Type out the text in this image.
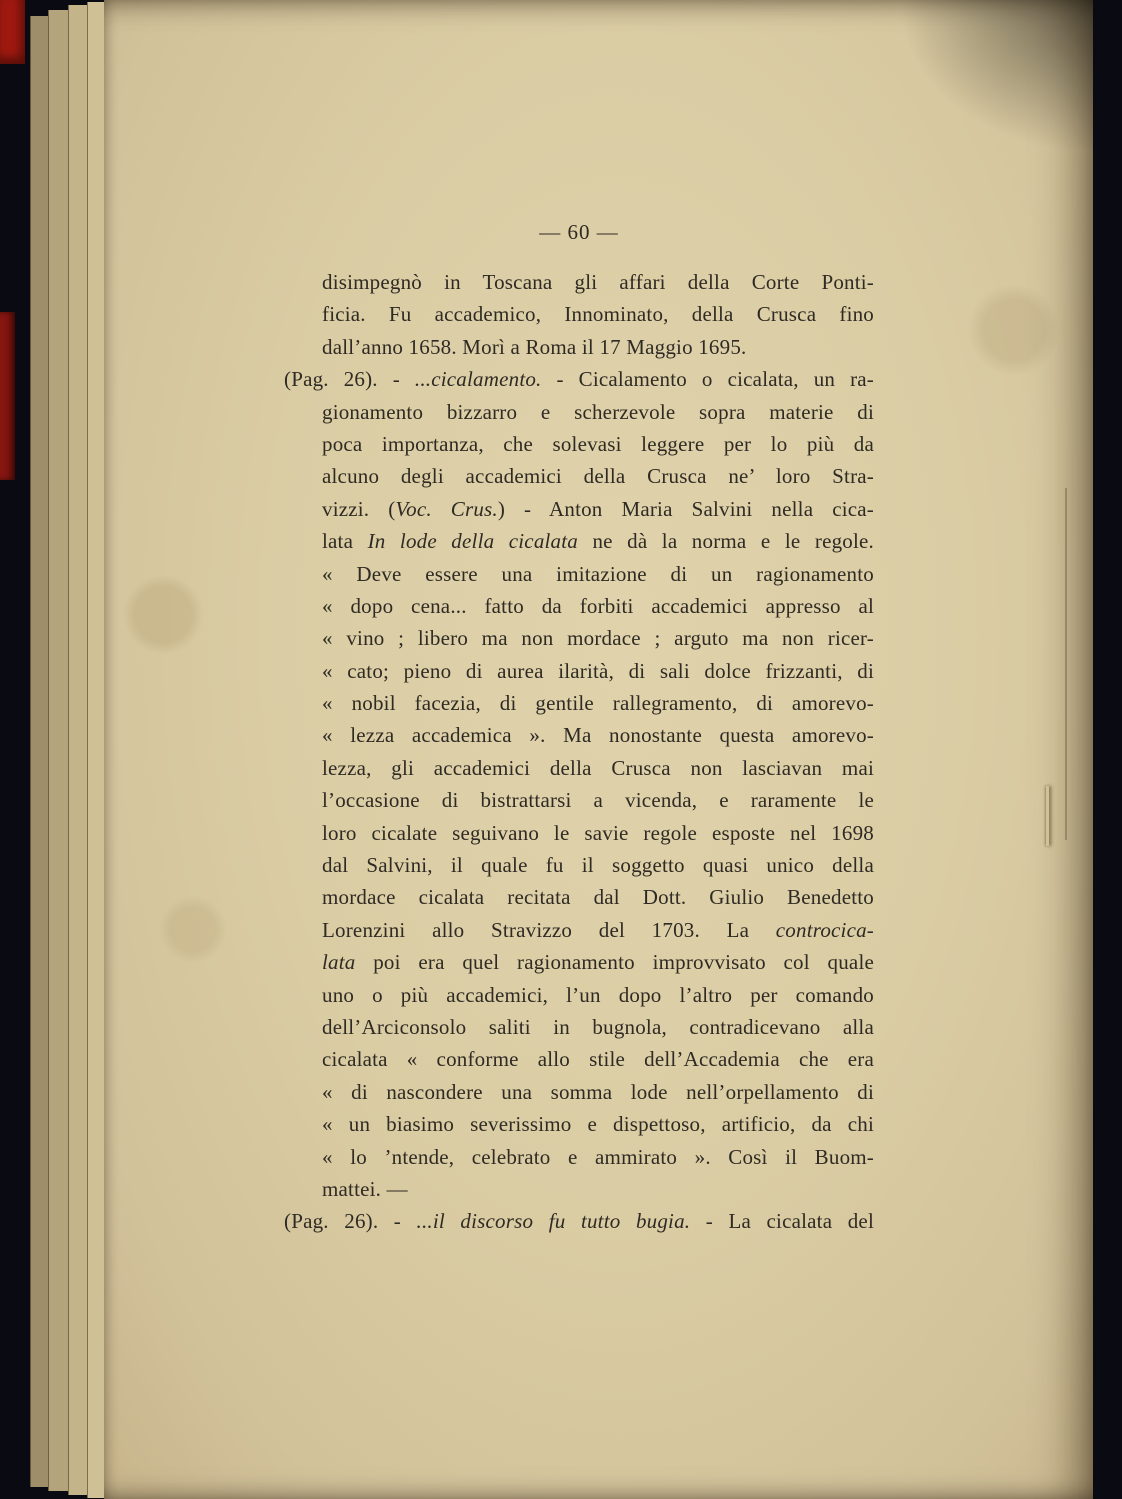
— 60 —
disimpegnò in Toscana gli affari della Corte Ponti-
ficia. Fu accademico, Innominato, della Crusca fino
dall’anno 1658. Morì a Roma il 17 Maggio 1695.
(Pag. 26). - ...cicalamento. - Cicalamento o cicalata, un ra-
gionamento bizzarro e scherzevole sopra materie di
poca importanza, che solevasi leggere per lo più da
alcuno degli accademici della Crusca ne’ loro Stra-
vizzi. (Voc. Crus.) - Anton Maria Salvini nella cica-
lata In lode della cicalata ne dà la norma e le regole.
« Deve essere una imitazione di un ragionamento
« dopo cena... fatto da forbiti accademici appresso al
« vino ; libero ma non mordace ; arguto ma non ricer-
« cato; pieno di aurea ilarità, di sali dolce frizzanti, di
« nobil facezia, di gentile rallegramento, di amorevo-
« lezza accademica ». Ma nonostante questa amorevo-
lezza, gli accademici della Crusca non lasciavan mai
l’occasione di bistrattarsi a vicenda, e raramente le
loro cicalate seguivano le savie regole esposte nel 1698
dal Salvini, il quale fu il soggetto quasi unico della
mordace cicalata recitata dal Dott. Giulio Benedetto
Lorenzini allo Stravizzo del 1703. La controcica-
lata poi era quel ragionamento improvvisato col quale
uno o più accademici, l’un dopo l’altro per comando
dell’Arciconsolo saliti in bugnola, contradicevano alla
cicalata « conforme allo stile dell’Accademia che era
« di nascondere una somma lode nell’orpellamento di
« un biasimo severissimo e dispettoso, artificio, da chi
« lo ’ntende, celebrato e ammirato ». Così il Buom-
mattei. —
(Pag. 26). - ...il discorso fu tutto bugia. - La cicalata del
